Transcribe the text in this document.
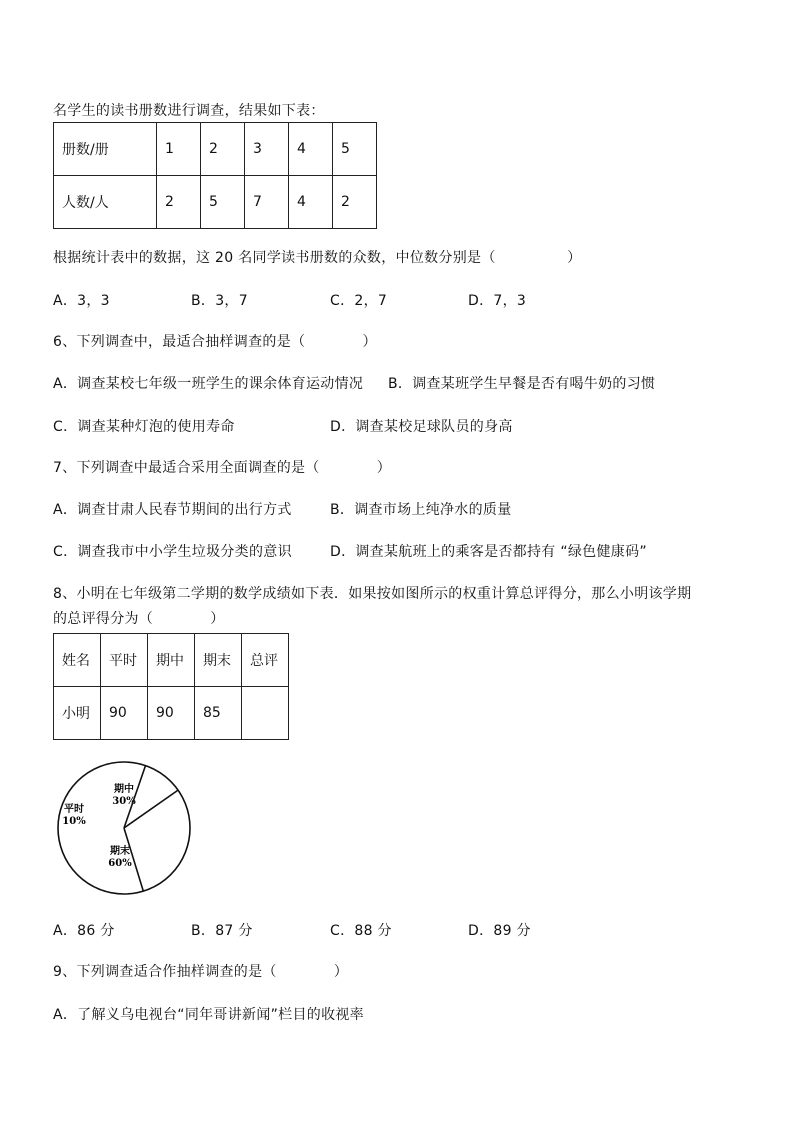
名学生的读书册数进行调查，结果如下表：
册数/册	1	2	3	4	5
人数/人	2	5	7	4	2
根据统计表中的数据，这 20 名同学读书册数的众数，中位数分别是（　　　　　）
A．3，3	B．3，7	C．2，7	D．7，3
6、下列调查中，最适合抽样调查的是（　　　　）
A．调查某校七年级一班学生的课余体育运动情况 B．调查某班学生早餐是否有喝牛奶的习惯
C．调查某种灯泡的使用寿命	D．调查某校足球队员的身高
7、下列调查中最适合采用全面调查的是（　　　　）
A．调查甘肃人民春节期间的出行方式	B．调查市场上纯净水的质量
C．调查我市中小学生垃圾分类的意识	D．调查某航班上的乘客是否都持有 “绿色健康码”
8、小明在七年级第二学期的数学成绩如下表．如果按如图所示的权重计算总评得分，那么小明该学期
的总评得分为（　　　　）
姓名	平时	期中	期末	总评
小明	90	90	85	
期中
30%
期末
60%
平时
10%
A．86 分	B．87 分	C．88 分	D．89 分
9、下列调查适合作抽样调查的是（　　　　）
A．了解义乌电视台“同年哥讲新闻”栏目的收视率
